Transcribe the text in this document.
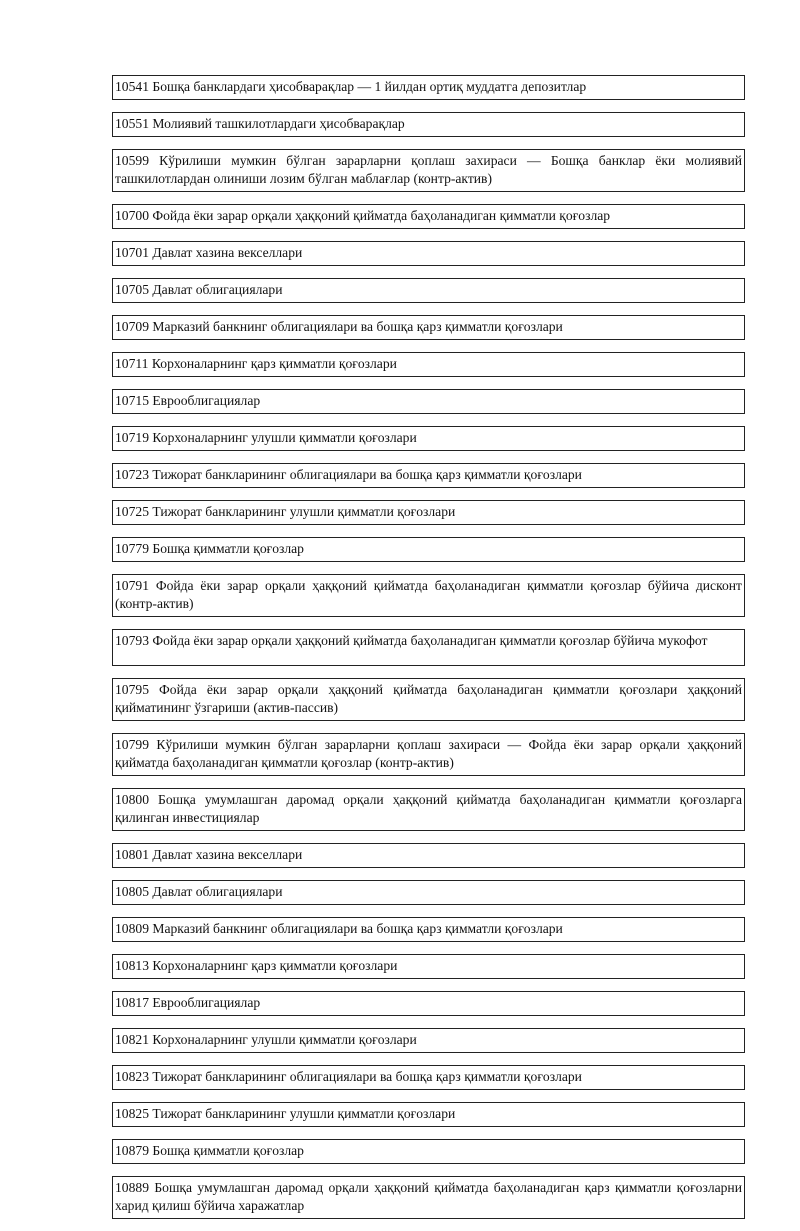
10541 Бошқа банклардаги ҳисобварақлар — 1 йилдан ортиқ муддатга депозитлар
10551 Молиявий ташкилотлардаги ҳисобварақлар
10599 Кўрилиши мумкин бўлган зарарларни қоплаш захираси — Бошқа банклар ёки молиявий ташкилотлардан олиниши лозим бўлган маблағлар (контр-актив)
10700 Фойда ёки зарар орқали ҳаққоний қийматда баҳоланадиган қимматли қоғозлар
10701 Давлат хазина векселлари
10705 Давлат облигациялари
10709 Марказий банкнинг облигациялари ва бошқа қарз қимматли қоғозлари
10711 Корхоналарнинг қарз қимматли қоғозлари
10715 Еврооблигациялар
10719 Корхоналарнинг улушли қимматли қоғозлари
10723 Тижорат банкларининг облигациялари ва бошқа қарз қимматли қоғозлари
10725 Тижорат банкларининг улушли қимматли қоғозлари
10779 Бошқа қимматли қоғозлар
10791 Фойда ёки зарар орқали ҳаққоний қийматда баҳоланадиган қимматли қоғозлар бўйича дисконт (контр-актив)
10793 Фойда ёки зарар орқали ҳаққоний қийматда баҳоланадиган қимматли қоғозлар бўйича мукофот
10795 Фойда ёки зарар орқали ҳаққоний қийматда баҳоланадиган қимматли қоғозлари ҳаққоний қийматининг ўзгариши (актив-пассив)
10799 Кўрилиши мумкин бўлган зарарларни қоплаш захираси — Фойда ёки зарар орқали ҳаққоний қийматда баҳоланадиган қимматли қоғозлар (контр-актив)
10800 Бошқа умумлашган даромад орқали ҳаққоний қийматда баҳоланадиган қимматли қоғозларга қилинган инвестициялар
10801 Давлат хазина векселлари
10805 Давлат облигациялари
10809 Марказий банкнинг облигациялари ва бошқа қарз қимматли қоғозлари
10813 Корхоналарнинг қарз қимматли қоғозлари
10817 Еврооблигациялар
10821 Корхоналарнинг улушли қимматли қоғозлари
10823 Тижорат банкларининг облигациялари ва бошқа қарз қимматли қоғозлари
10825 Тижорат банкларининг улушли қимматли қоғозлари
10879 Бошқа қимматли қоғозлар
10889 Бошқа умумлашган даромад орқали ҳаққоний қийматда баҳоланадиган қарз қимматли қоғозларни харид қилиш бўйича харажатлар
